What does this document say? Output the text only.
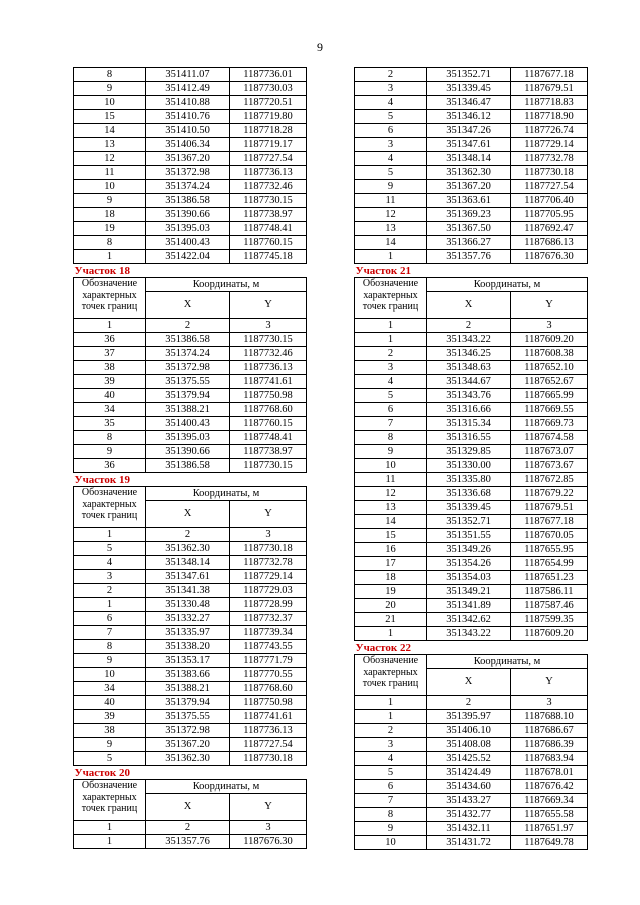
9
8	351411.07	1187736.01
9	351412.49	1187730.03
10	351410.88	1187720.51
15	351410.76	1187719.80
14	351410.50	1187718.28
13	351406.34	1187719.17
12	351367.20	1187727.54
11	351372.98	1187736.13
10	351374.24	1187732.46
9	351386.58	1187730.15
18	351390.66	1187738.97
19	351395.03	1187748.41
8	351400.43	1187760.15
1	351422.04	1187745.18
Участок 18		

Обозначение
характерных точек границ	Координаты, м	
	X	Y
1	2	3
36	351386.58	1187730.15
37	351374.24	1187732.46
38	351372.98	1187736.13
39	351375.55	1187741.61
40	351379.94	1187750.98
34	351388.21	1187768.60
35	351400.43	1187760.15
8	351395.03	1187748.41
9	351390.66	1187738.97
36	351386.58	1187730.15
Участок 19		

Обозначение
характерных точек границ	Координаты, м	
	X	Y
1	2	3
5	351362.30	1187730.18
4	351348.14	1187732.78
3	351347.61	1187729.14
2	351341.38	1187729.03
1	351330.48	1187728.99
6	351332.27	1187732.37
7	351335.97	1187739.34
8	351338.20	1187743.55
9	351353.17	1187771.79
10	351383.66	1187770.55
34	351388.21	1187768.60
40	351379.94	1187750.98
39	351375.55	1187741.61
38	351372.98	1187736.13
9	351367.20	1187727.54
5	351362.30	1187730.18
Участок 20		

Обозначение
характерных точек границ	Координаты, м	
	X	Y
1	2	3
1	351357.76	1187676.30
2	351352.71	1187677.18
3	351339.45	1187679.51
4	351346.47	1187718.83
5	351346.12	1187718.90
6	351347.26	1187726.74
3	351347.61	1187729.14
4	351348.14	1187732.78
5	351362.30	1187730.18
9	351367.20	1187727.54
11	351363.61	1187706.40
12	351369.23	1187705.95
13	351367.50	1187692.47
14	351366.27	1187686.13
1	351357.76	1187676.30
Участок 21		

Обозначение
характерных точек границ	Координаты, м	
	X	Y
1	2	3
1	351343.22	1187609.20
2	351346.25	1187608.38
3	351348.63	1187652.10
4	351344.67	1187652.67
5	351343.76	1187665.99
6	351316.66	1187669.55
7	351315.34	1187669.73
8	351316.55	1187674.58
9	351329.85	1187673.07
10	351330.00	1187673.67
11	351335.80	1187672.85
12	351336.68	1187679.22
13	351339.45	1187679.51
14	351352.71	1187677.18
15	351351.55	1187670.05
16	351349.26	1187655.95
17	351354.26	1187654.99
18	351354.03	1187651.23
19	351349.21	1187586.11
20	351341.89	1187587.46
21	351342.62	1187599.35
1	351343.22	1187609.20
Участок 22		

Обозначение
характерных точек границ	Координаты, м	
	X	Y
1	2	3
1	351395.97	1187688.10
2	351406.10	1187686.67
3	351408.08	1187686.39
4	351425.52	1187683.94
5	351424.49	1187678.01
6	351434.60	1187676.42
7	351433.27	1187669.34
8	351432.77	1187655.58
9	351432.11	1187651.97
10	351431.72	1187649.78
